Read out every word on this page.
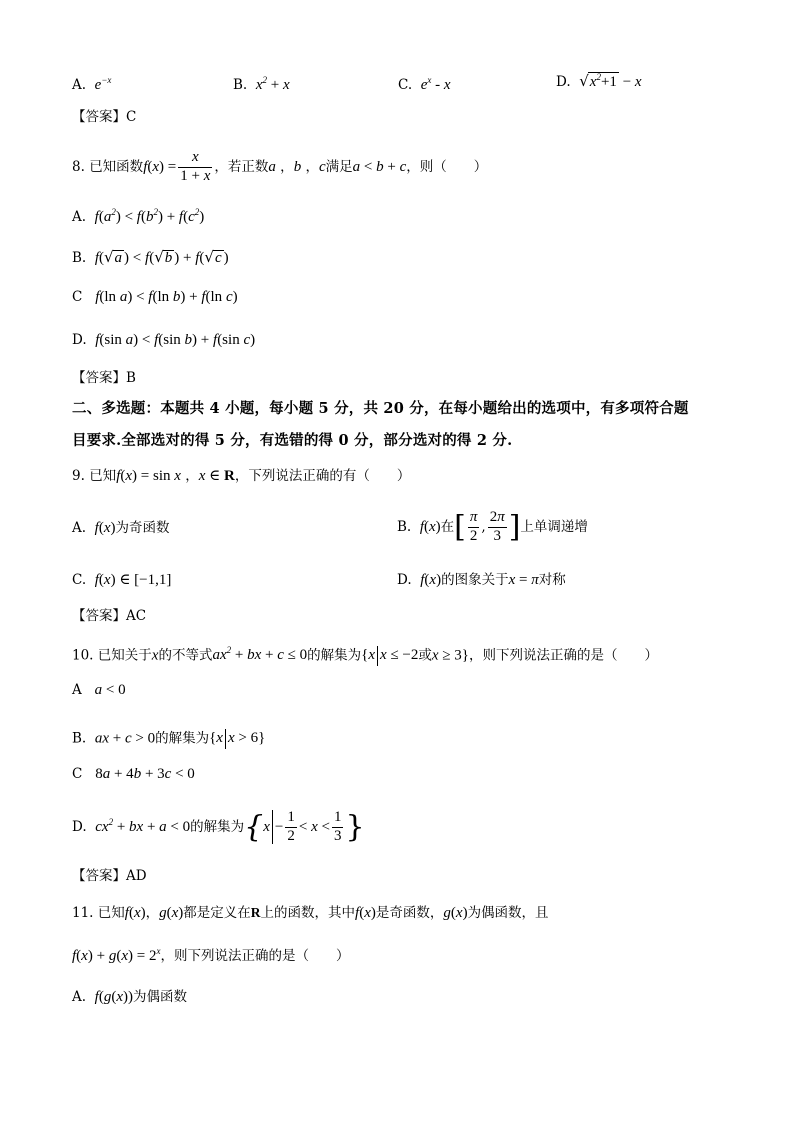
A. $e^{-x}$	B. $x^2 + x$	C. $e^x$ - x	D. $√x^2+1 - x$
【答案】C
8. 已知函数$f(x) = \frac{x}{1 + x}$ ，若正数a ，b ，c满足a < b + c，则（　　）
A. $f(a^2) < f(b^2) + f(c^2)$
B. f(√a ) < f(√b ) + f(√c )
C f(ln a) < f(ln b) + f(ln c)
D. f(sin a) < f(sin b) + f(sin c)
【答案】B
二、多选题：本题共 4 小题，每小题 5 分，共 20 分，在每小题给出的选项中，有多项符合题
目要求.全部选对的得 5 分，有选错的得 0 分，部分选对的得 2 分.
9. 已知f(x) = sin x ，x ∈ R，下列说法正确的有（　　）
A. f(x)为奇函数	B. f(x)在[ $\frac{\pi}{2}$ , $\frac{2\pi}{3}$ ]上单调递增
C. f(x) ∈ [−1,1]	D. f(x)的图象关于x = π对称
【答案】AC
10. 已知关于x的不等式$ax^2$ + bx + c ≤ 0的解集为{x x ≤ −2或x ≥ 3}，则下列说法正确的是（　　）
A a < 0
B. ax + c > 0的解集为{x x > 6}
C 8a + 4b + 3c < 0
D. $cx^2$ + bx + a < 0的解集为{$x - \frac{1}{2} < x < \frac{1}{3}$ }
【答案】AD
11. 已知f(x)，g(x)都是定义在R上的函数，其中f(x)是奇函数，g(x)为偶函数，且
$f(x) + g(x) = 2^x$，则下列说法正确的是（　　）
A. f(g(x))为偶函数
